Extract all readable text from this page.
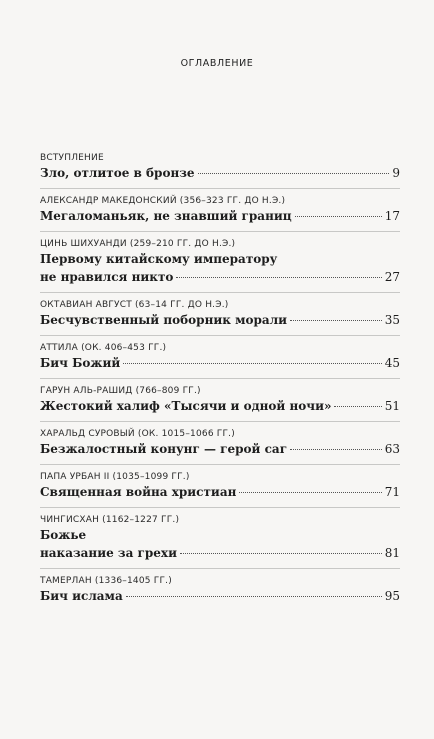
ОГЛАВЛЕНИЕ
ВСТУПЛЕНИЕ
Зло, отлитое в бронзе	9
АЛЕКСАНДР МАКЕДОНСКИЙ (356–323 ГГ. ДО Н.Э.)
Мегаломаньяк, не знавший границ	17
ЦИНЬ ШИХУАНДИ (259–210 ГГ. ДО Н.Э.)
Первому китайскому императору
не нравился никто	27
ОКТАВИАН АВГУСТ (63–14 ГГ. ДО Н.Э.)
Бесчувственный поборник морали	35
АТТИЛА (ОК. 406–453 ГГ.)
Бич Божий	45
ГАРУН АЛЬ-РАШИД (766–809 ГГ.)
Жестокий халиф «Тысячи и одной ночи»	51
ХАРАЛЬД СУРОВЫЙ (ОК. 1015–1066 ГГ.)
Безжалостный конунг — герой саг	63
ПАПА УРБАН II (1035–1099 ГГ.)
Священная война христиан	71
ЧИНГИСХАН (1162–1227 ГГ.)
Божье
наказание за грехи	81
ТАМЕРЛАН (1336–1405 ГГ.)
Бич ислама	95
